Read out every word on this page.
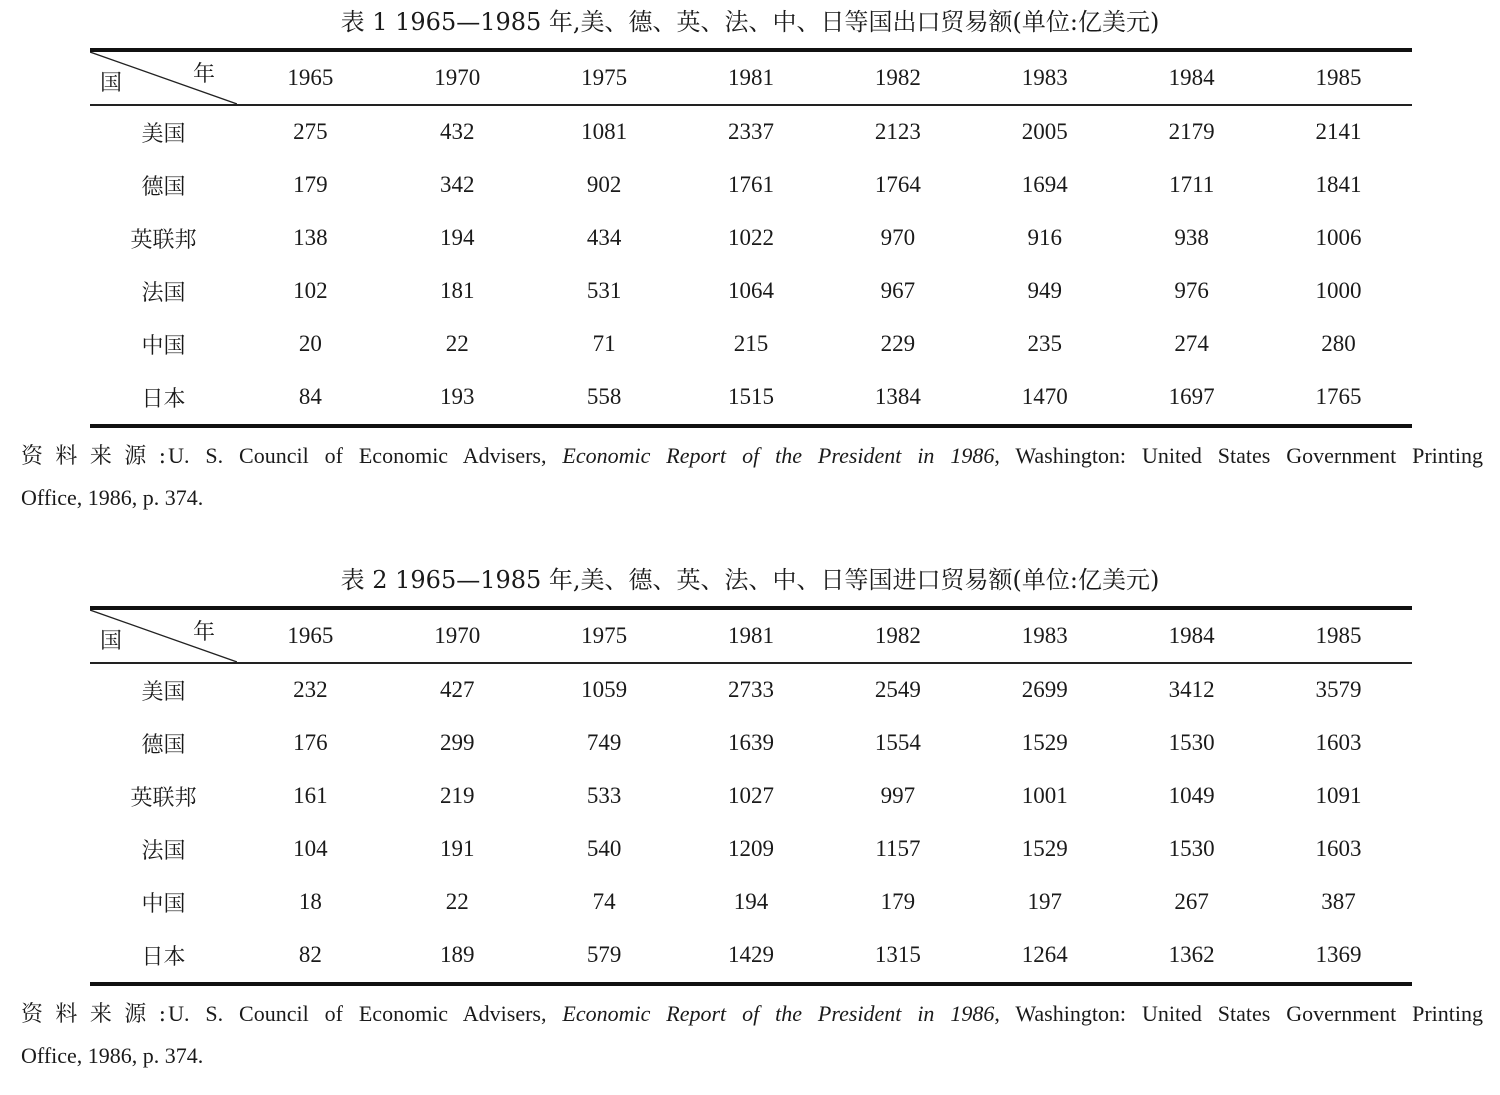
表 1 1965—1985 年,美、德、英、法、中、日等国出口贸易额(单位:亿美元)
国	年	1965	1970	1975	1981	1982	1983	1984	1985
美国	275	432	1081	2337	2123	2005	2179	2141
德国	179	342	902	1761	1764	1694	1711	1841
英联邦	138	194	434	1022	970	916	938	1006
法国	102	181	531	1064	967	949	976	1000
中国	20	22	71	215	229	235	274	280
日本	84	193	558	1515	1384	1470	1697	1765
资料来源:U. S. Council of Economic Advisers, Economic Report of the President in 1986, Washington: United States Government Printing
Office, 1986, p. 374.
表 2 1965—1985 年,美、德、英、法、中、日等国进口贸易额(单位:亿美元)
国	年	1965	1970	1975	1981	1982	1983	1984	1985
美国	232	427	1059	2733	2549	2699	3412	3579
德国	176	299	749	1639	1554	1529	1530	1603
英联邦	161	219	533	1027	997	1001	1049	1091
法国	104	191	540	1209	1157	1529	1530	1603
中国	18	22	74	194	179	197	267	387
日本	82	189	579	1429	1315	1264	1362	1369
资料来源:U. S. Council of Economic Advisers, Economic Report of the President in 1986, Washington: United States Government Printing
Office, 1986, p. 374.
